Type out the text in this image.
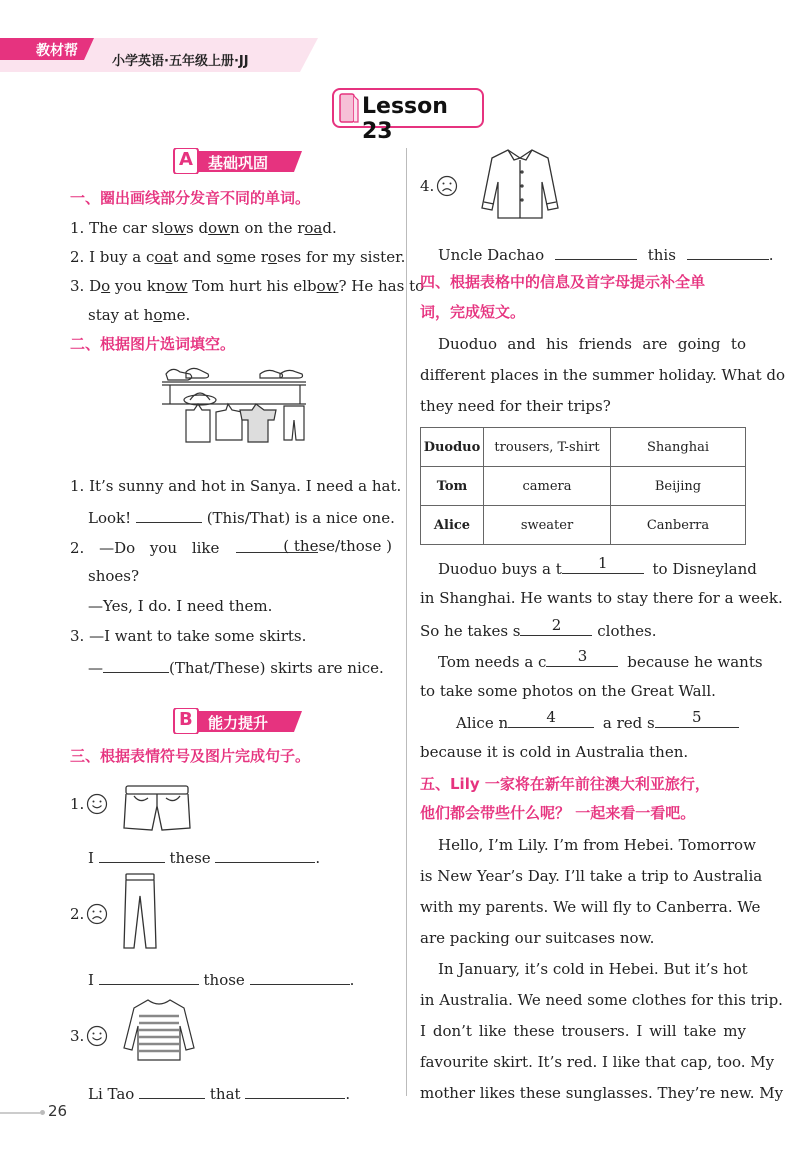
教材帮
小学英语·五年级上册·JJ
Lesson 23
A 基础巩固
一、圈出画线部分发音不同的单词。
1. The car slows down on the road.
2. I buy a coat and some roses for my sister.
3. Do you know Tom hurt his elbow? He has to
stay at home.
二、根据图片选词填空。
1. It’s sunny and hot in Sanya. I need a hat.
Look!	(This/That) is a nice one.
2. —Do you like	( these/those )
shoes?
—Yes, I do. I need them.
3. —I want to take some skirts.
—	(That/These) skirts are nice.
B 能力提升
三、根据表情符号及图片完成句子。
1.
I	these	.
2.
I	those	.
3.
Li Tao	that	.
4.
Uncle Dachao	this	.
四、根据表格中的信息及首字母提示补全单
词，完成短文。
Duoduo and his friends are going to
different places in the summer holiday. What do
they need for their trips?
Duoduo	trousers, T-shirt	Shanghai
Tom	camera	Beijing
Alice	sweater	Canberra
Duoduo buys a t	1	to Disneyland
in Shanghai. He wants to stay there for a week.
So he takes s	2	clothes.
Tom needs a c	3	because he wants
to take some photos on the Great Wall.
Alice n	4	a red s	5
because it is cold in Australia then.
五、Lily 一家将在新年前往澳大利亚旅行，
他们都会带些什么呢？ 一起来看一看吧。
Hello, I’m Lily. I’m from Hebei. Tomorrow
is New Year’s Day. I’ll take a trip to Australia
with my parents. We will fly to Canberra. We
are packing our suitcases now.
In January, it’s cold in Hebei. But it’s hot
in Australia. We need some clothes for this trip.
I don’t like these trousers. I will take my
favourite skirt. It’s red. I like that cap, too. My
mother likes these sunglasses. They’re new. My
26
